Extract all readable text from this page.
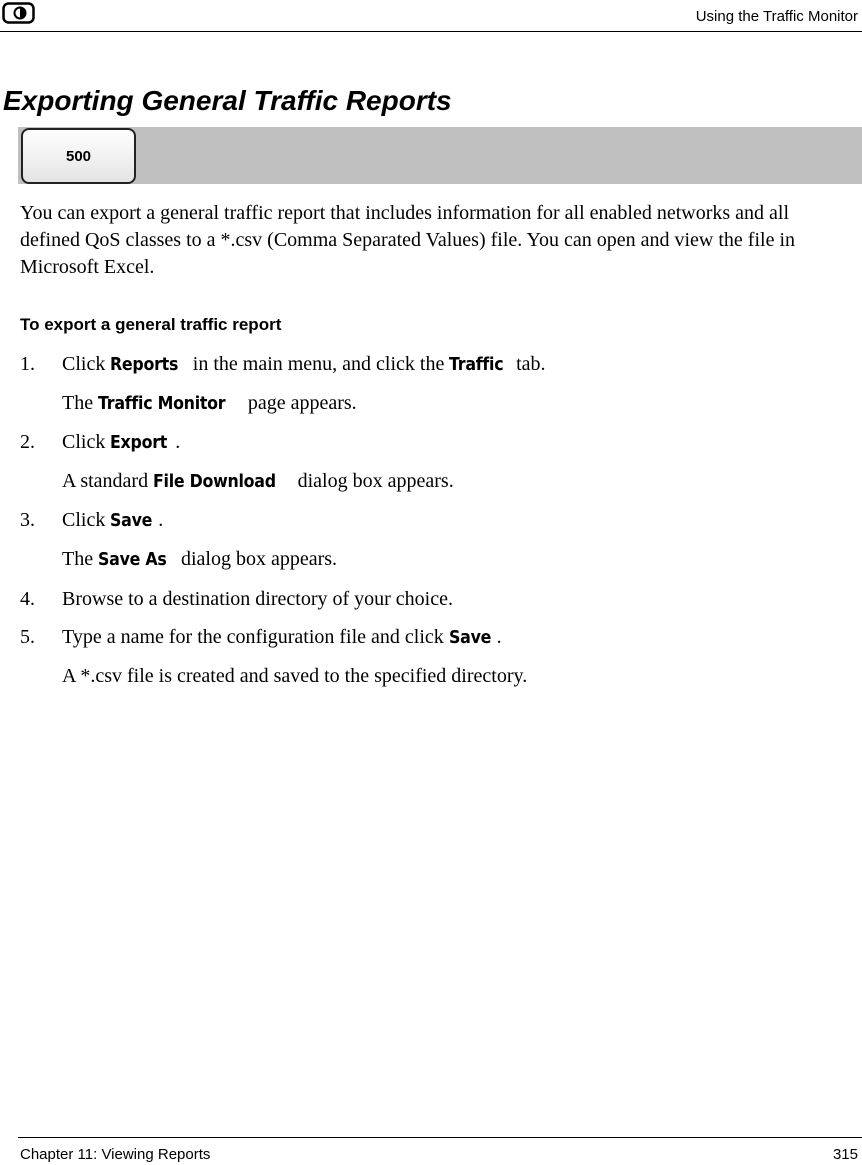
Using the Traffic Monitor
Exporting General Traffic Reports
500

You can export a general traffic report that includes information for all enabled networks and all defined QoS classes to a *.csv (Comma Separated Values) file. You can open and view the file in Microsoft Excel.

To export a general traffic report
1. Click Reports in the main menu, and click the Traffic tab.
The Traffic Monitor page appears.
2. Click Export .
A standard File Download dialog box appears.
3. Click Save .
The Save As dialog box appears.
4. Browse to a destination directory of your choice.
5. Type a name for the configuration file and click Save .
A *.csv file is created and saved to the specified directory.
Chapter 11: Viewing Reports	315
